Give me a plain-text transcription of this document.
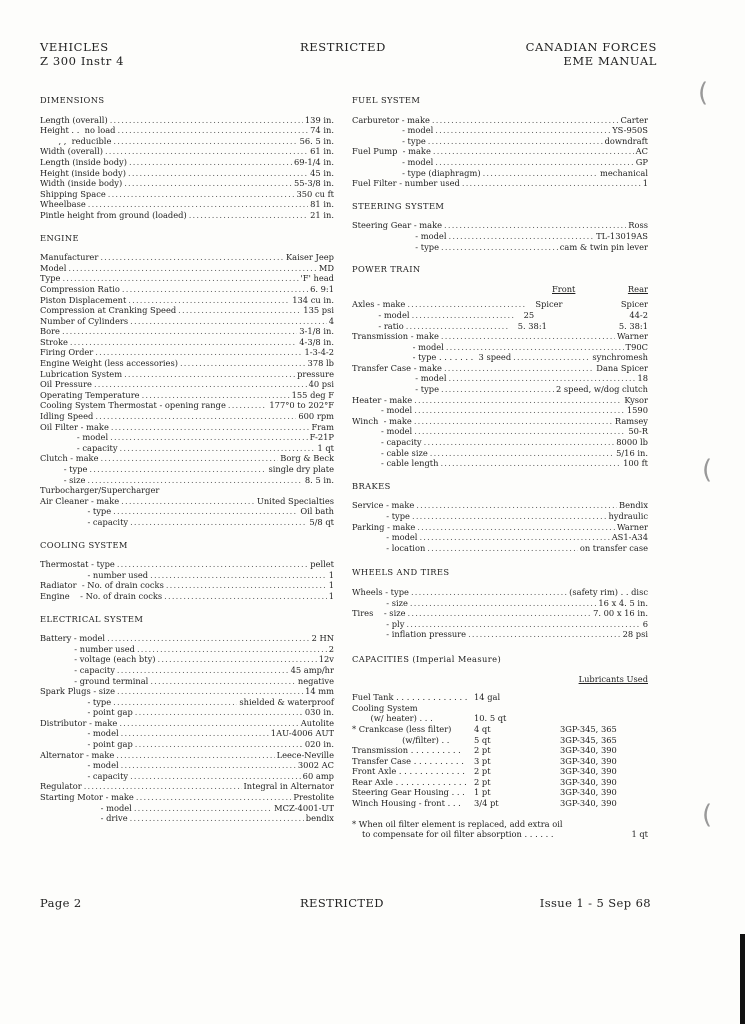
VEHICLES
Z 300 Instr 4
RESTRICTED	CANADIAN FORCES
EME MANUAL
DIMENSIONS
Length (overall) .....	139 in.
Height . .  no load .....	74 in.
, ,  reducible .....	56. 5 in.
Width (overall) .....	61 in.
Length (inside body) .....	69-1/4 in.
Height (inside body) .....	45 in.
Width (inside body) .....	55-3/8 in.
Shipping Space .....	350 cu ft
Wheelbase .....	81 in.
Pintle height from ground (loaded) .....	21 in.
ENGINE
Manufacturer .....	Kaiser Jeep
Model .....	MD
Type .....	'F' head
Compression Ratio .....	6. 9:1
Piston Displacement .....	134 cu in.
Compression at Cranking Speed .....	135 psi
Number of Cylinders .....	4
Bore .....	3-1/8 in.
Stroke .....	4-3/8 in.
Firing Order .....	1-3-4-2
Engine Weight (less accessories) .....	378 lb
Lubrication System .....	pressure
Oil Pressure .....	40 psi
Operating Temperature .....	155 deg F
Cooling System Thermostat - opening range .....	177°0 to 202°F
Idling Speed .....	600 rpm
Oil Filter - make .....	Fram
- model .....	F-21P
- capacity .....	1 qt
Clutch - make .....	Borg & Beck
- type .....	single dry plate
- size .....	8. 5 in.
Turbocharger/Supercharger
Air Cleaner - make .....	United Specialties
- type .....	Oil bath
- capacity .....	5/8 qt
COOLING SYSTEM
Thermostat - type .....	pellet
- number used .....	1
Radiator  - No. of drain cocks .....	1
Engine    - No. of drain cocks .....	1
ELECTRICAL SYSTEM
Battery - model .....	2 HN
- number used .....	2
- voltage (each bty) .....	12v
- capacity .....	45 amp/hr
- ground terminal .....	negative
Spark Plugs - size .....	14 mm
- type .....	shielded & waterproof
- point gap .....	. 030 in.
Distributor - make .....	Autolite
- model .....	1AU-4006 AUT
- point gap .....	. 020 in.
Alternator - make .....	Leece-Neville
- model .....	3002 AC
- capacity .....	60 amp
Regulator .....	Integral in Alternator
Starting Motor - make .....	Prestolite
- model .....	MCZ-4001-UT
- drive .....	bendix
FUEL SYSTEM
Carburetor - make .....	Carter
- model .....	YS-950S
- type .....	downdraft
Fuel Pump  - make .....	AC
- model .....	GP
- type (diaphragm) .....	mechanical
Fuel Filter - number used .....	1
STEERING SYSTEM
Steering Gear - make .....	Ross
- model .....	TL-13019AS
- type .....	cam & twin pin lever
POWER TRAIN
Front	Rear
Axles - make .....	Spicer	Spicer
- model .....	25	44-2
- ratio .....	5. 38:1	5. 38:1
Transmission - make .....	Warner
- model .....	T90C
- type . . . . . . .  3 speed .....	synchromesh
Transfer Case - make .....	Dana Spicer
- model .....	18
- type .....	2 speed, w/dog clutch
Heater - make .....	Kysor
- model .....	1590
Winch  - make .....	Ramsey
- model .....	50-R
- capacity .....	8000 lb
- cable size .....	5/16 in.
- cable length .....	100 ft
BRAKES
Service - make .....	Bendix
- type .....	hydraulic
Parking - make .....	Warner
- model .....	AS1-A34
- location .....	on transfer case
WHEELS AND TIRES
Wheels - type .....	(safety rim) . . disc
- size .....	16 x 4. 5 in.
Tires    - size .....	7. 00 x 16 in.
- ply .....	6
- inflation pressure .....	28 psi
CAPACITIES (Imperial Measure)
Lubricants Used
Fuel Tank . . . . . . . . . . . . . . 14 gal
Cooling System
(w/ heater) . . .	10. 5 qt
* Crankcase (less filter)	4 qt	3GP-345, 365
(w/filter) . .	5 qt	3GP-345, 365
Transmission . . . . . . . . . . 2 pt	3GP-340, 390
Transfer Case . . . . . . . . . . 3 pt	3GP-340, 390
Front Axle . . . . . . . . . . . . . 2 pt	3GP-340, 390
Rear Axle . . . . . . . . . . . . . . 2 pt	3GP-340, 390
Steering Gear Housing . . . 1 pt	3GP-340, 390
Winch Housing - front . . . 3/4 pt	3GP-340, 390
* When oil filter element is replaced, add extra oil
to compensate for oil filter absorption . . . . . .	1 qt
Page 2	RESTRICTED	Issue 1 - 5 Sep 68
(
(
(
